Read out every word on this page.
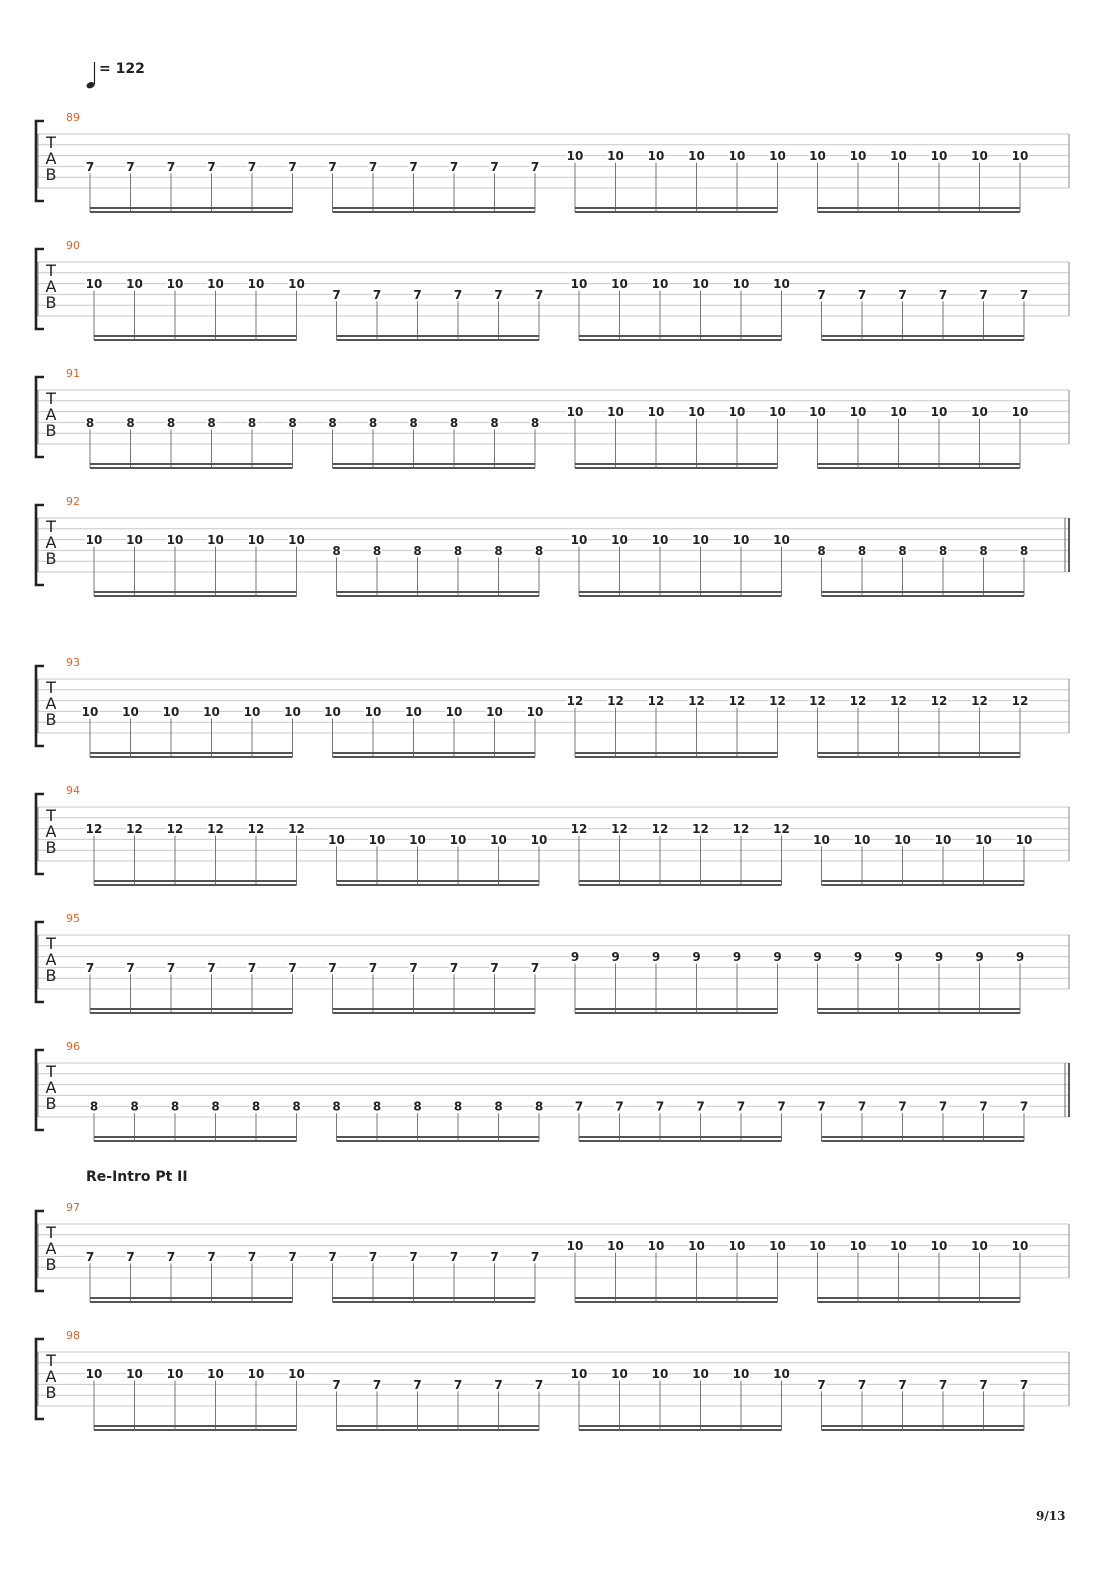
89
T
A
B 7	7	7	7	7	7	7	7	7	7	7	7
10 10 10 10 10 10 10 10 10 10 10 10
90
T
A
B
10 10 10 10 10 10
7	7	7	7	7	7
10 10 10 10 10 10
7	7	7	7	7	7
91
T
A
B 8	8	8	8	8	8	8	8	8	8	8	8
10 10 10 10 10 10 10 10 10 10 10 10
92
T
A
B
10 10 10 10 10 10
8	8	8	8	8	8
10 10 10 10 10 10
8	8	8	8	8	8
93
T
A
B 10 10 10 10 10 10 10 10 10 10 10 10
12 12 12 12 12 12 12 12 12 12 12 12
94
T
A
B
12 12 12 12 12 12
10 10 10 10 10 10
12 12 12 12 12 12
10 10 10 10 10 10
95
T
A
B 7	7	7	7	7	7	7	7	7	7	7	7
9	9	9	9	9	9	9	9	9	9	9	9
96
T
A
B	8	8	8	8	8	8	8	8	8	8	8	8	7	7	7	7	7	7	7	7	7	7	7	7
97
T
A
B 7	7	7	7	7	7	7	7	7	7	7	7
10 10 10 10 10 10 10 10 10 10 10 10
98
T
A
B
10 10 10 10 10 10
7	7	7	7	7	7
10 10 10 10 10 10
7	7	7	7	7	7
= 122
Re-Intro Pt II
9/13
